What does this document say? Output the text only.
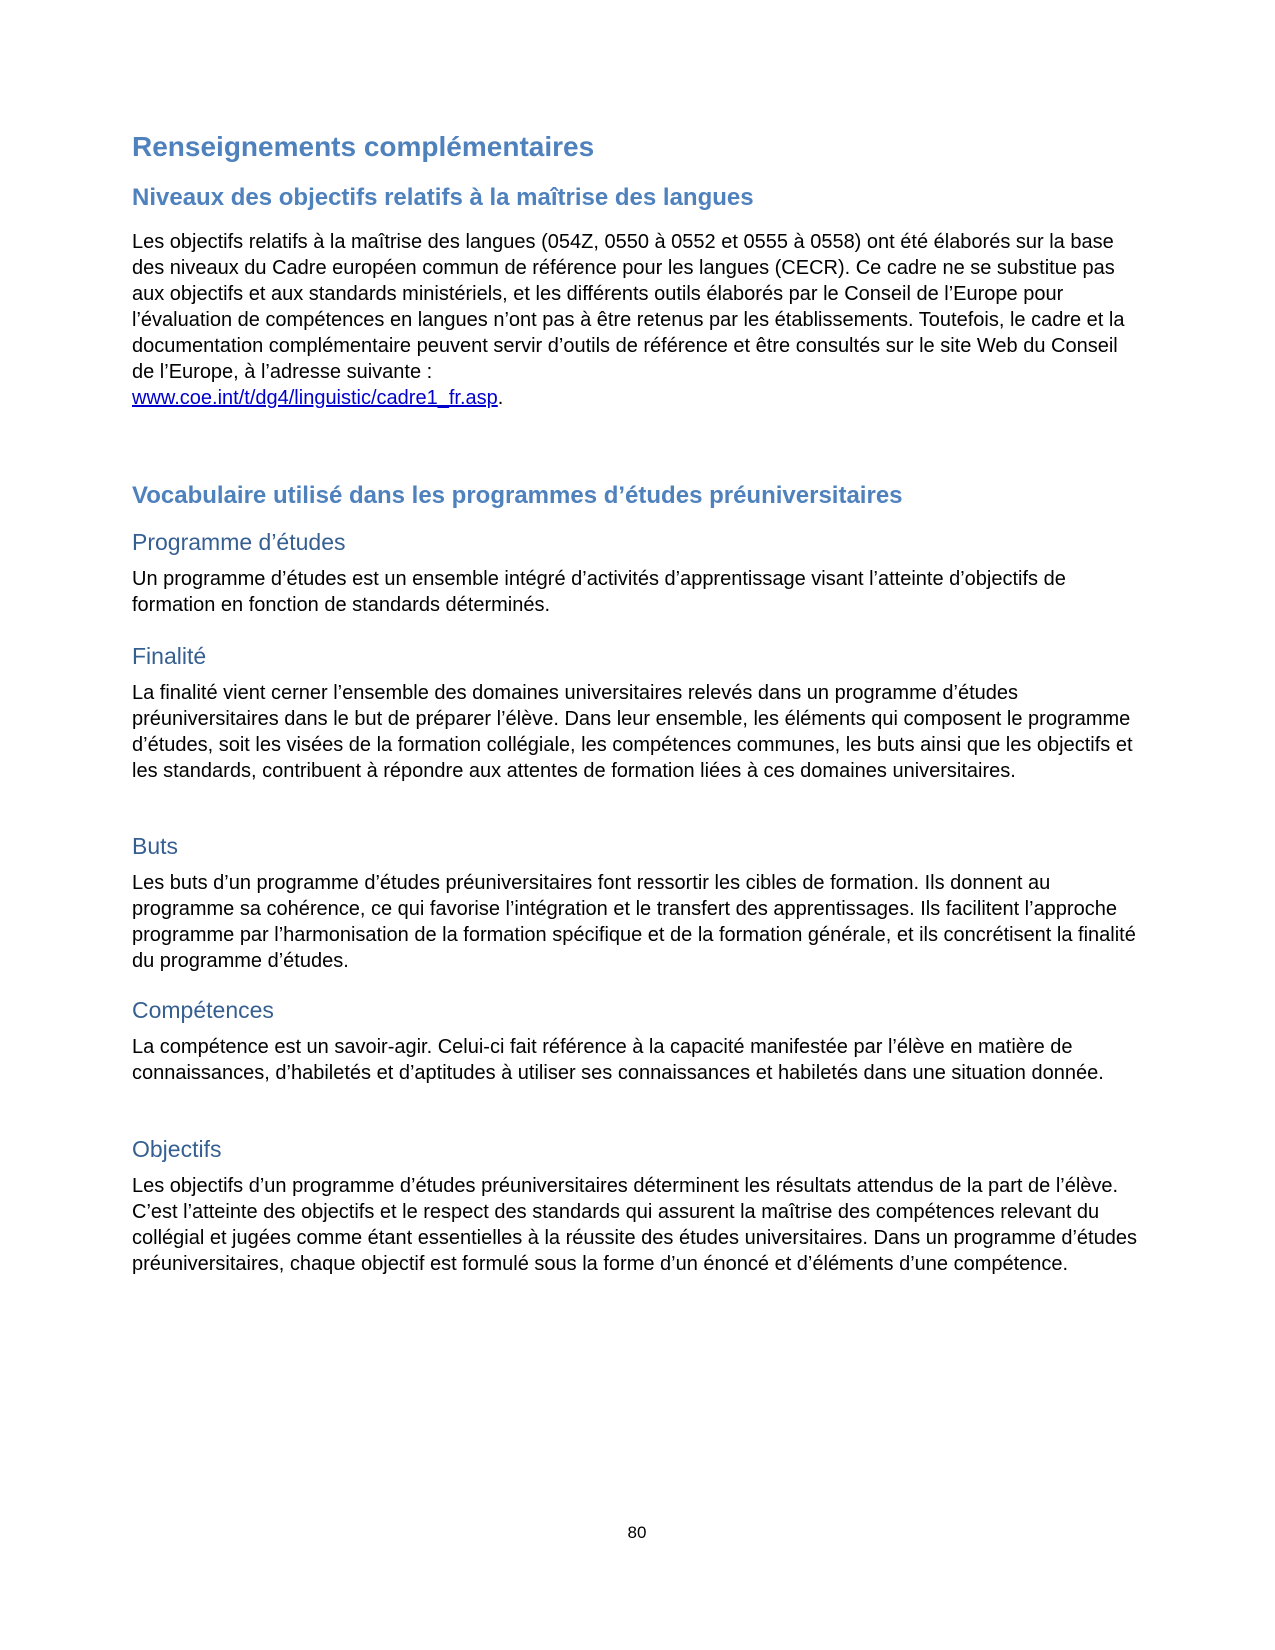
Renseignements complémentaires
Niveaux des objectifs relatifs à la maîtrise des langues

Les objectifs relatifs à la maîtrise des langues (054Z, 0550 à 0552 et 0555 à 0558) ont été élaborés sur la base des niveaux du Cadre européen commun de référence pour les langues (CECR). Ce cadre ne se substitue pas aux objectifs et aux standards ministériels, et les différents outils élaborés par le Conseil de l’Europe pour l’évaluation de compétences en langues n’ont pas à être retenus par les établissements. Toutefois, le cadre et la documentation complémentaire peuvent servir d’outils de référence et être consultés sur le site Web du Conseil de l’Europe, à l’adresse suivante :
www.coe.int/t/dg4/linguistic/cadre1_fr.asp.

Vocabulaire utilisé dans les programmes d’études préuniversitaires
Programme d’études

Un programme d’études est un ensemble intégré d’activités d’apprentissage visant l’atteinte d’objectifs de formation en fonction de standards déterminés.

Finalité

La finalité vient cerner l’ensemble des domaines universitaires relevés dans un programme d’études préuniversitaires dans le but de préparer l’élève. Dans leur ensemble, les éléments qui composent le programme d’études, soit les visées de la formation collégiale, les compétences communes, les buts ainsi que les objectifs et les standards, contribuent à répondre aux attentes de formation liées à ces domaines universitaires.

Buts

Les buts d’un programme d’études préuniversitaires font ressortir les cibles de formation. Ils donnent au programme sa cohérence, ce qui favorise l’intégration et le transfert des apprentissages. Ils facilitent l’approche programme par l’harmonisation de la formation spécifique et de la formation générale, et ils concrétisent la finalité du programme d’études.

Compétences

La compétence est un savoir-agir. Celui-ci fait référence à la capacité manifestée par l’élève en matière de connaissances, d’habiletés et d’aptitudes à utiliser ses connaissances et habiletés dans une situation donnée.

Objectifs

Les objectifs d’un programme d’études préuniversitaires déterminent les résultats attendus de la part de l’élève. C’est l’atteinte des objectifs et le respect des standards qui assurent la maîtrise des compétences relevant du collégial et jugées comme étant essentielles à la réussite des études universitaires. Dans un programme d’études préuniversitaires, chaque objectif est formulé sous la forme d’un énoncé et d’éléments d’une compétence.

80
